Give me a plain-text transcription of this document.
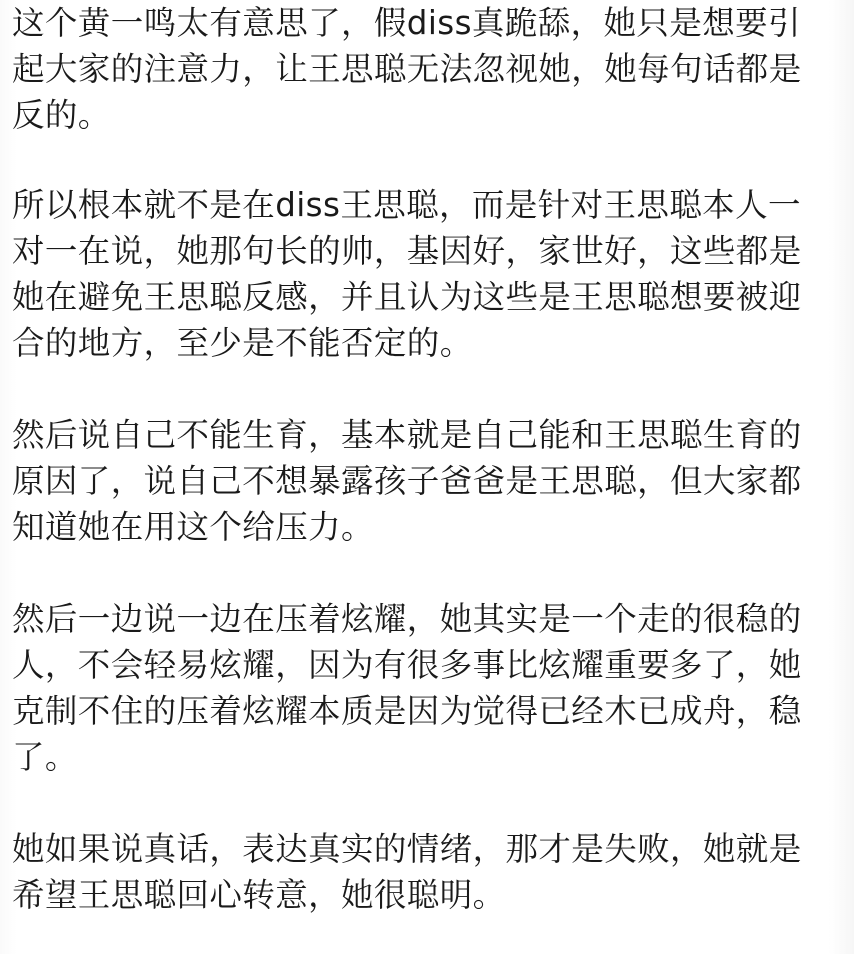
这个黄一鸣太有意思了，假diss真跪舔，她只是想要引
起大家的注意力，让王思聪无法忽视她，她每句话都是
反的。

所以根本就不是在diss王思聪，而是针对王思聪本人一
对一在说，她那句长的帅，基因好，家世好，这些都是
她在避免王思聪反感，并且认为这些是王思聪想要被迎
合的地方，至少是不能否定的。

然后说自己不能生育，基本就是自己能和王思聪生育的
原因了，说自己不想暴露孩子爸爸是王思聪，但大家都
知道她在用这个给压力。

然后一边说一边在压着炫耀，她其实是一个走的很稳的
人，不会轻易炫耀，因为有很多事比炫耀重要多了，她
克制不住的压着炫耀本质是因为觉得已经木已成舟，稳
了。

她如果说真话，表达真实的情绪，那才是失败，她就是
希望王思聪回心转意，她很聪明。
